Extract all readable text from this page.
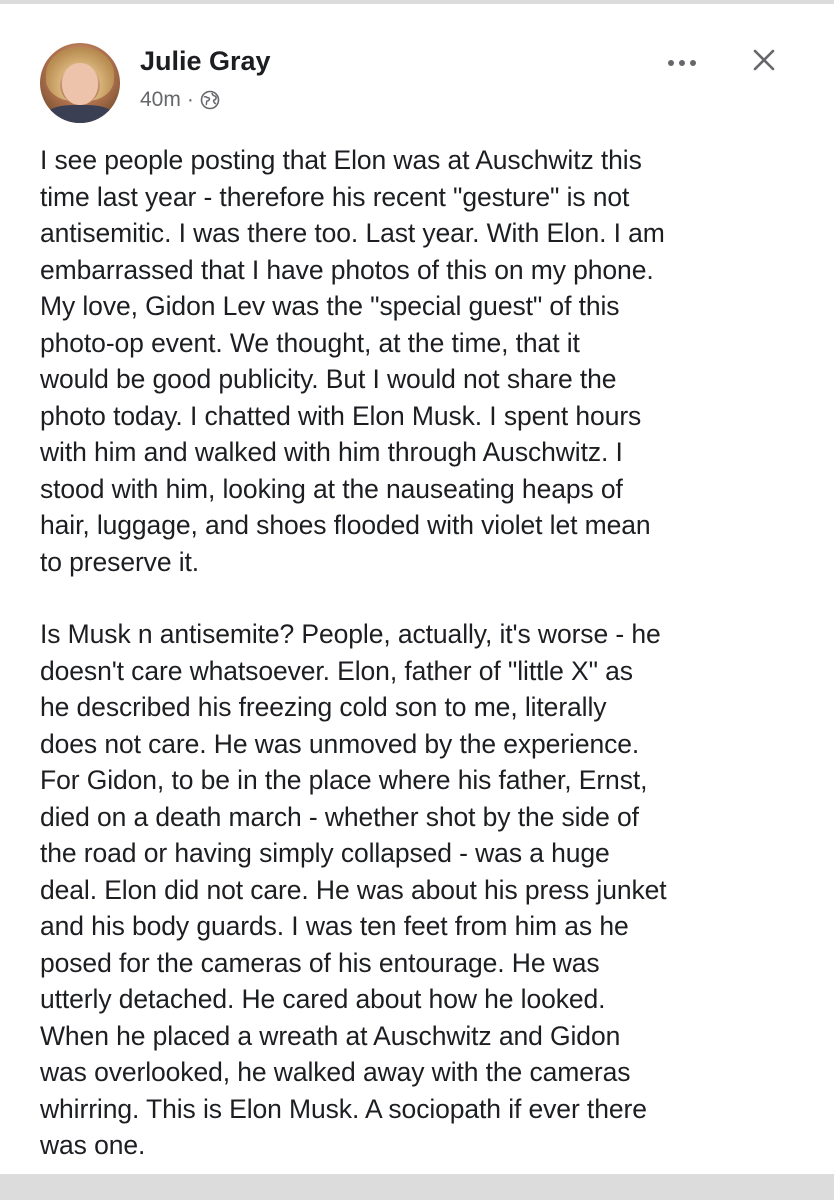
Julie Gray
40m ·
I see people posting that Elon was at Auschwitz this
time last year - therefore his recent "gesture" is not
antisemitic. I was there too. Last year. With Elon. I am
embarrassed that I have photos of this on my phone.
My love, Gidon Lev was the "special guest" of this
photo-op event. We thought, at the time, that it
would be good publicity. But I would not share the
photo today. I chatted with Elon Musk. I spent hours
with him and walked with him through Auschwitz. I
stood with him, looking at the nauseating heaps of
hair, luggage, and shoes flooded with violet let mean
to preserve it.
Is Musk n antisemite? People, actually, it's worse - he
doesn't care whatsoever. Elon, father of "little X" as
he described his freezing cold son to me, literally
does not care. He was unmoved by the experience.
For Gidon, to be in the place where his father, Ernst,
died on a death march - whether shot by the side of
the road or having simply collapsed - was a huge
deal. Elon did not care. He was about his press junket
and his body guards. I was ten feet from him as he
posed for the cameras of his entourage. He was
utterly detached. He cared about how he looked.
When he placed a wreath at Auschwitz and Gidon
was overlooked, he walked away with the cameras
whirring. This is Elon Musk. A sociopath if ever there
was one.
